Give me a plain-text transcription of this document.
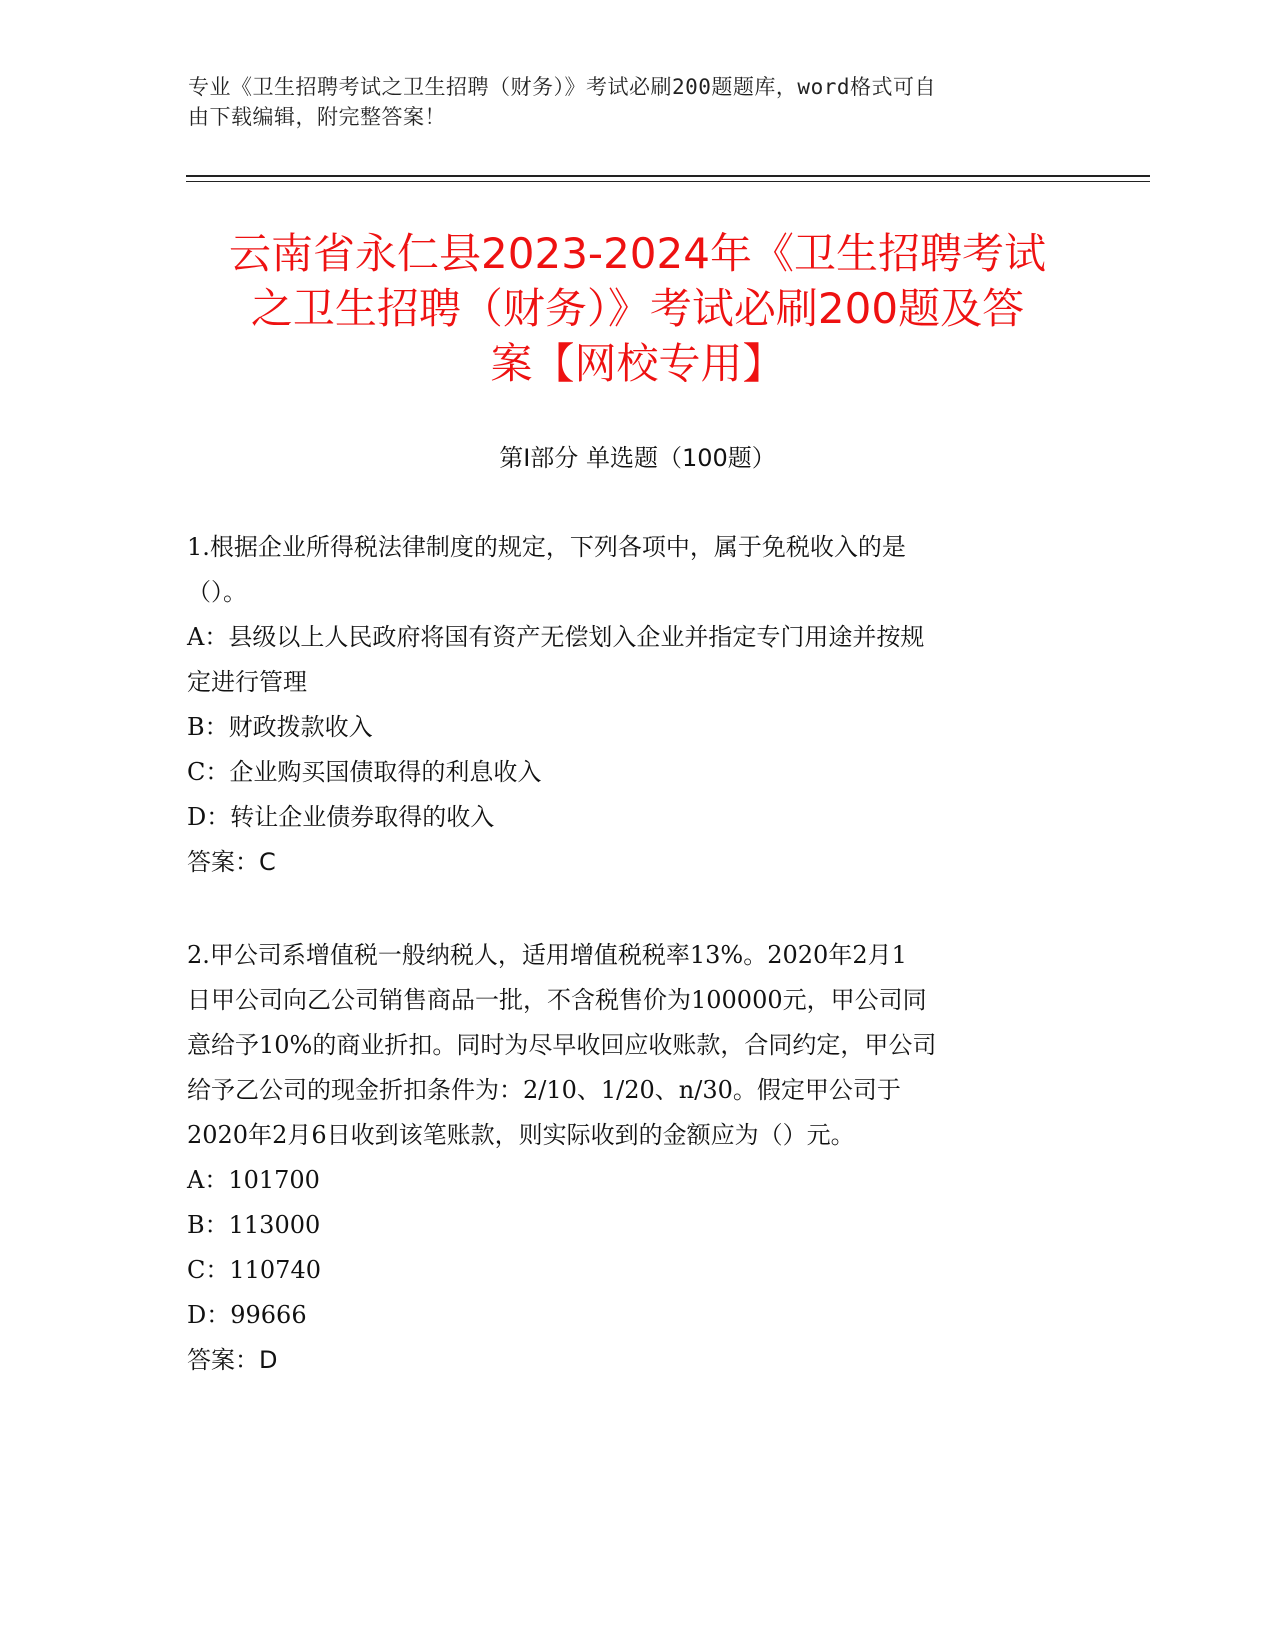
专业《卫生招聘考试之卫生招聘（财务）》考试必刷200题题库，word格式可自
由下载编辑，附完整答案！
云南省永仁县2023-2024年《卫生招聘考试
之卫生招聘（财务）》考试必刷200题及答
案【网校专用】
第Ⅰ部分 单选题（100题）
1.根据企业所得税法律制度的规定，下列各项中，属于免税收入的是
（）。
A：县级以上人民政府将国有资产无偿划入企业并指定专门用途并按规
定进行管理
B：财政拨款收入
C：企业购买国债取得的利息收入
D：转让企业债券取得的收入
答案：C
2.甲公司系增值税一般纳税人，适用增值税税率13%。2020年2月1
日甲公司向乙公司销售商品一批，不含税售价为100000元，甲公司同
意给予10%的商业折扣。同时为尽早收回应收账款，合同约定，甲公司
给予乙公司的现金折扣条件为：2/10、1/20、n/30。假定甲公司于
2020年2月6日收到该笔账款，则实际收到的金额应为（）元。
A：101700
B：113000
C：110740
D：99666
答案：D
